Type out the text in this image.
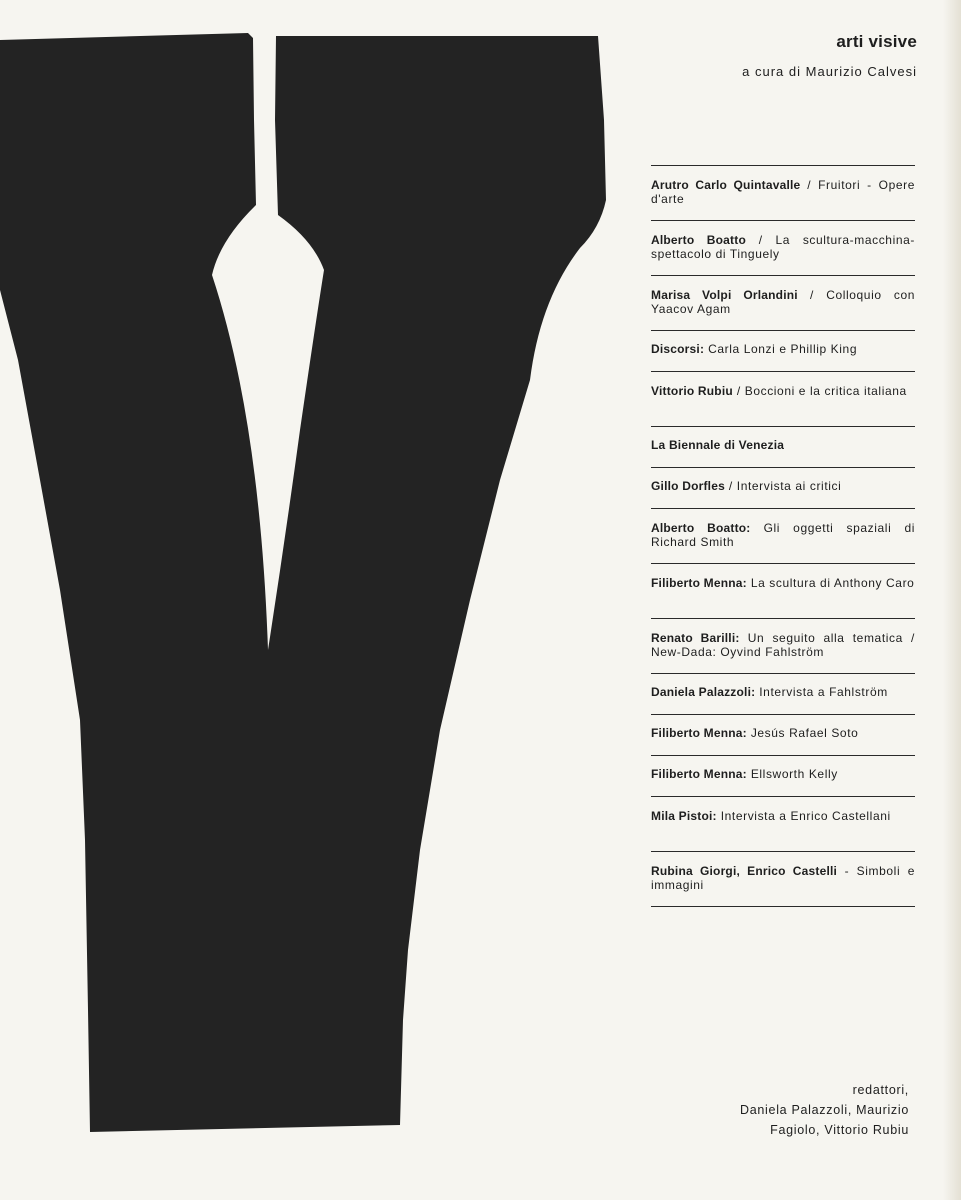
arti visive
a cura di Maurizio Calvesi
Arutro Carlo Quintavalle / Fruitori - Opere d'arte
Alberto Boatto / La scultura-macchina-spettacolo di Tinguely
Marisa Volpi Orlandini / Colloquio con Yaacov Agam
Discorsi: Carla Lonzi e Phillip King
Vittorio Rubiu / Boccioni e la critica italiana
La Biennale di Venezia
Gillo Dorfles / Intervista ai critici
Alberto Boatto: Gli oggetti spaziali di Richard Smith
Filiberto Menna: La scultura di Anthony Caro
Renato Barilli: Un seguito alla tematica / New-Dada: Oyvind Fahlström
Daniela Palazzoli: Intervista a Fahlström
Filiberto Menna: Jesús Rafael Soto
Filiberto Menna: Ellsworth Kelly
Mila Pistoi: Intervista a Enrico Castellani
Rubina Giorgi, Enrico Castelli - Simboli e immagini
redattori,
Daniela Palazzoli, Maurizio
Fagiolo, Vittorio Rubiu
